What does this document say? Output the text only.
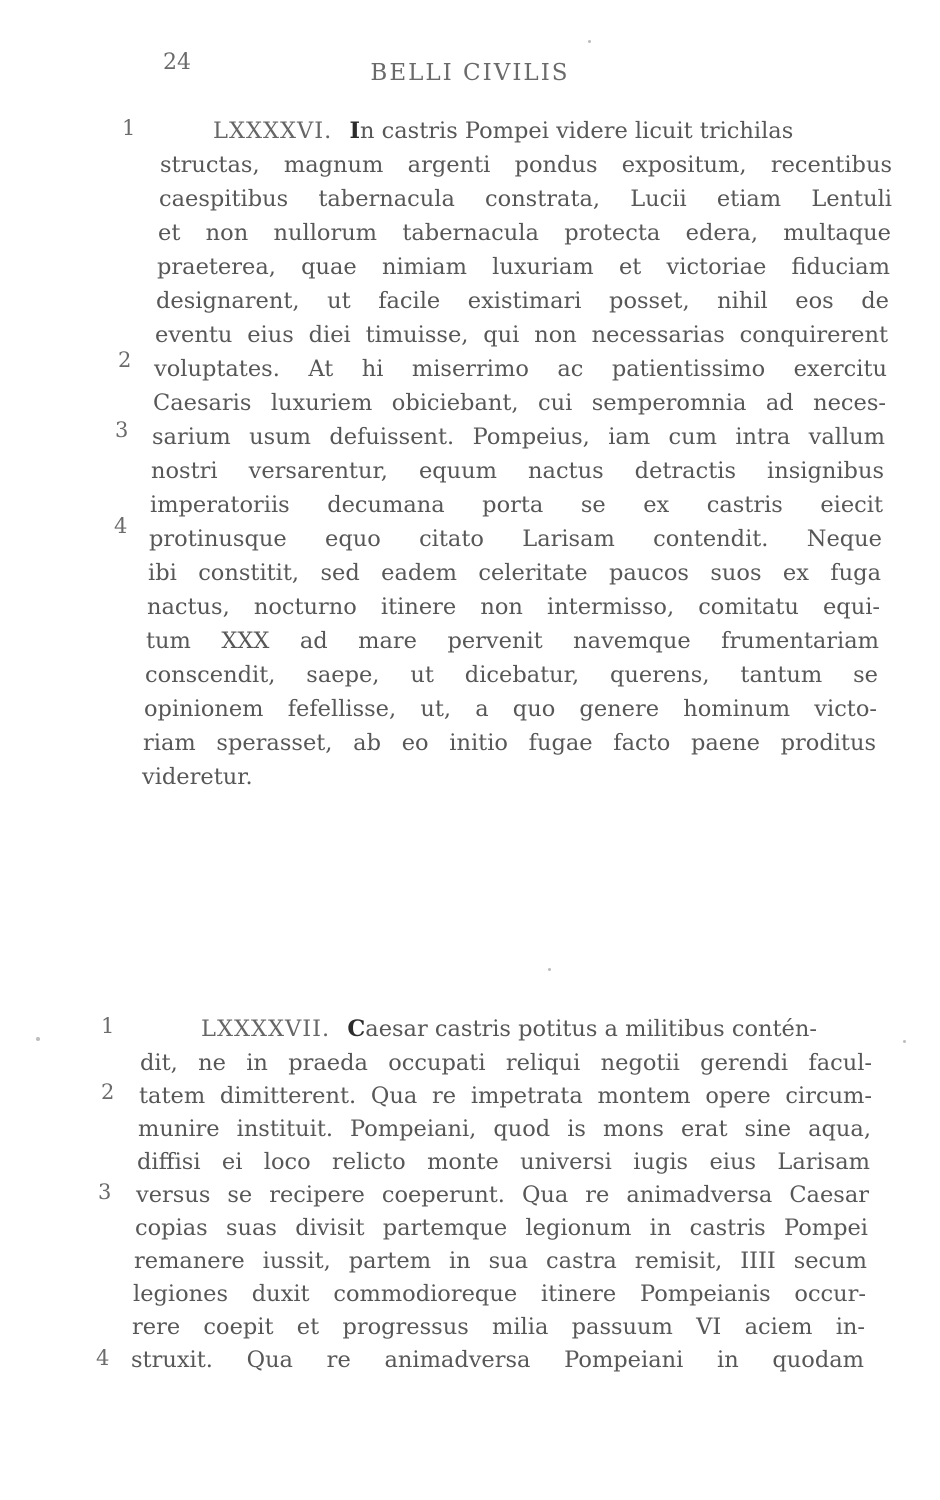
24	BELLI CIVILIS
1
2
3
4
LXXXXVI. In castris Pompei videre licuit trichilas
structas, magnum argenti pondus expositum, recentibus
caespitibus tabernacula constrata, Lucii etiam Lentuli
et non nullorum tabernacula protecta edera, multaque
praeterea, quae nimiam luxuriam et victoriae fiduciam
designarent, ut facile existimari posset, nihil eos de
eventu eius diei timuisse, qui non necessarias conquirerent
voluptates. At hi miserrimo ac patientissimo exercitu
Caesaris luxuriem obiciebant, cui semperomnia ad neces-
sarium usum defuissent. Pompeius, iam cum intra vallum
nostri versarentur, equum nactus detractis insignibus
imperatoriis decumana porta se ex castris eiecit
protinusque equo citato Larisam contendit. Neque
ibi constitit, sed eadem celeritate paucos suos ex fuga
nactus, nocturno itinere non intermisso, comitatu equi-
tum XXX ad mare pervenit navemque frumentariam
conscendit, saepe, ut dicebatur, querens, tantum se
opinionem fefellisse, ut, a quo genere hominum victo-
riam sperasset, ab eo initio fugae facto paene proditus
videretur.
1
2
3
4
LXXXXVII. Caesar castris potitus a militibus contén-
dit, ne in praeda occupati reliqui negotii gerendi facul-
tatem dimitterent. Qua re impetrata montem opere circum-
munire instituit. Pompeiani, quod is mons erat sine aqua,
diffisi ei loco relicto monte universi iugis eius Larisam
versus se recipere coeperunt. Qua re animadversa Caesar
copias suas divisit partemque legionum in castris Pompei
remanere iussit, partem in sua castra remisit, IIII secum
legiones duxit commodioreque itinere Pompeianis occur-
rere coepit et progressus milia passuum VI aciem in-
struxit. Qua re animadversa Pompeiani in quodam
